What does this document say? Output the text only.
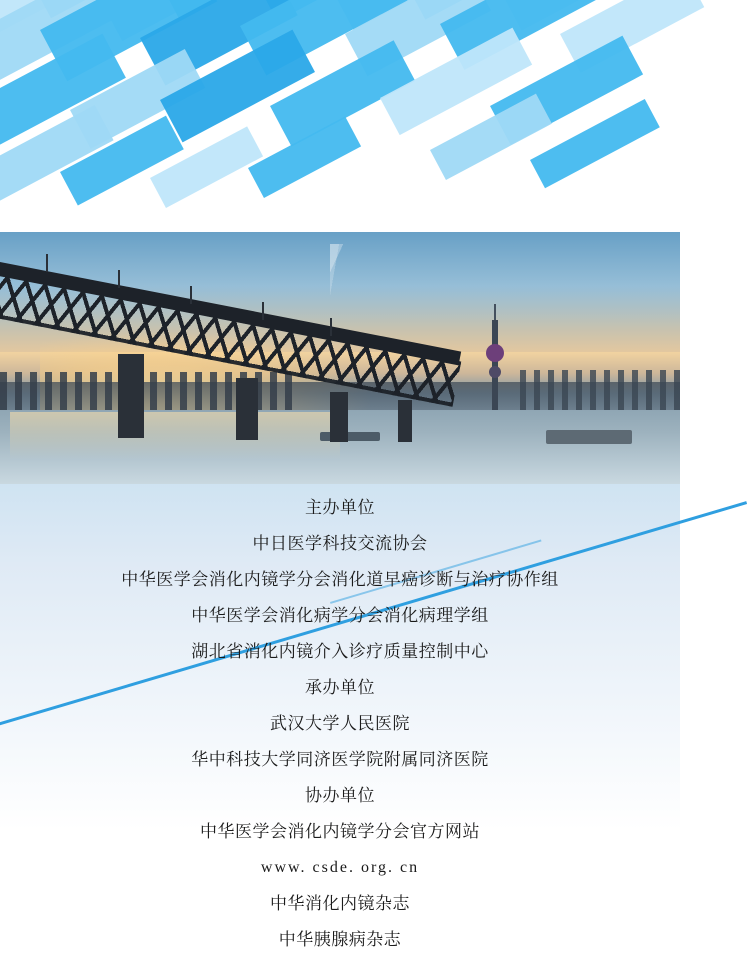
主办单位
中日医学科技交流协会
中华医学会消化内镜学分会消化道早癌诊断与治疗协作组
中华医学会消化病学分会消化病理学组
湖北省消化内镜介入诊疗质量控制中心
承办单位
武汉大学人民医院
华中科技大学同济医学院附属同济医院
协办单位
中华医学会消化内镜学分会官方网站
www. csde. org. cn
中华消化内镜杂志
中华胰腺病杂志
